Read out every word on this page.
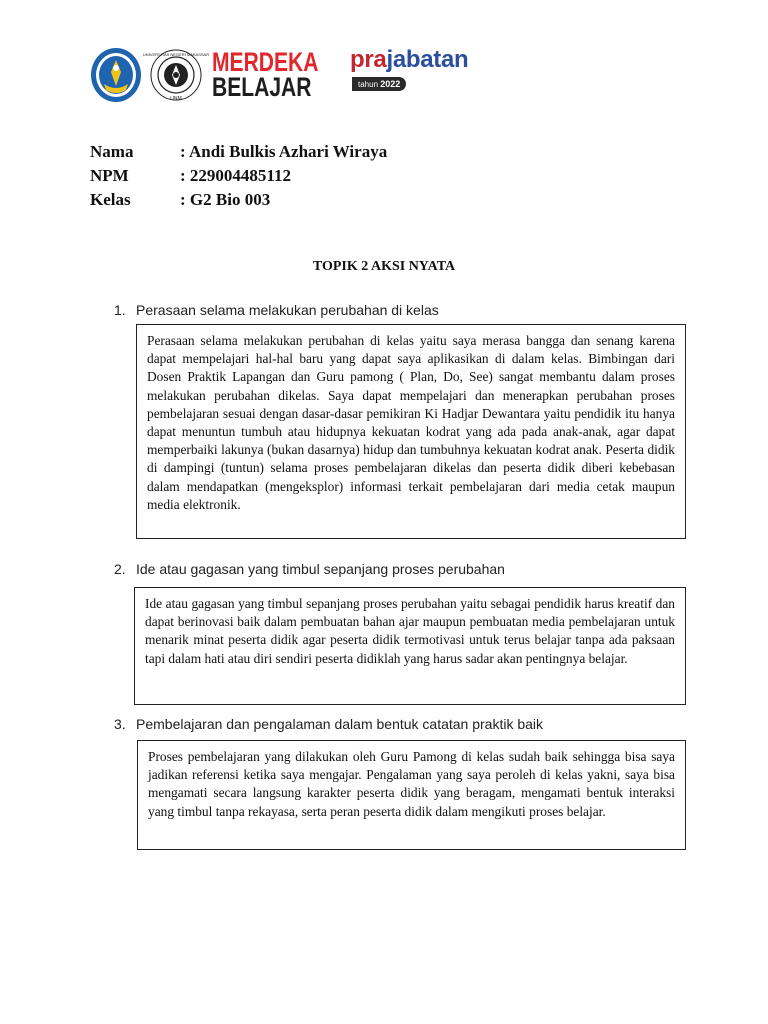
UNIVERSITAS NEGERI MAKASSAR
UNM
MERDEKA
BELAJAR
prajabatan
tahun 2022
Nama	: Andi Bulkis Azhari Wiraya
NPM	: 229004485112
Kelas	: G2 Bio 003
TOPIK 2 AKSI NYATA
1. Perasaan selama melakukan perubahan di kelas
Perasaan selama melakukan perubahan di kelas yaitu saya merasa bangga dan senang karena dapat mempelajari hal-hal baru yang dapat saya aplikasikan di dalam kelas. Bimbingan dari Dosen Praktik Lapangan dan Guru pamong ( Plan, Do, See) sangat membantu dalam proses melakukan perubahan dikelas. Saya dapat mempelajari dan menerapkan perubahan proses pembelajaran sesuai dengan dasar-dasar pemikiran Ki Hadjar Dewantara yaitu pendidik itu hanya dapat menuntun tumbuh atau hidupnya kekuatan kodrat yang ada pada anak-anak, agar dapat memperbaiki lakunya (bukan dasarnya) hidup dan tumbuhnya kekuatan kodrat anak. Peserta didik di dampingi (tuntun) selama proses pembelajaran dikelas dan peserta didik diberi kebebasan dalam mendapatkan (mengeksplor) informasi terkait pembelajaran dari media cetak maupun media elektronik.
2. Ide atau gagasan yang timbul sepanjang proses perubahan
Ide atau gagasan yang timbul sepanjang proses perubahan yaitu sebagai pendidik harus kreatif dan dapat berinovasi baik dalam pembuatan bahan ajar maupun pembuatan media pembelajaran untuk menarik minat peserta didik agar peserta didik termotivasi untuk terus belajar tanpa ada paksaan tapi dalam hati atau diri sendiri peserta didiklah yang harus sadar akan pentingnya belajar.
3. Pembelajaran dan pengalaman dalam bentuk catatan praktik baik
Proses pembelajaran yang dilakukan oleh Guru Pamong di kelas sudah baik sehingga bisa saya jadikan referensi ketika saya mengajar. Pengalaman yang saya peroleh di kelas yakni, saya bisa mengamati secara langsung karakter peserta didik yang beragam, mengamati bentuk interaksi yang timbul tanpa rekayasa, serta peran peserta didik dalam mengikuti proses belajar.
